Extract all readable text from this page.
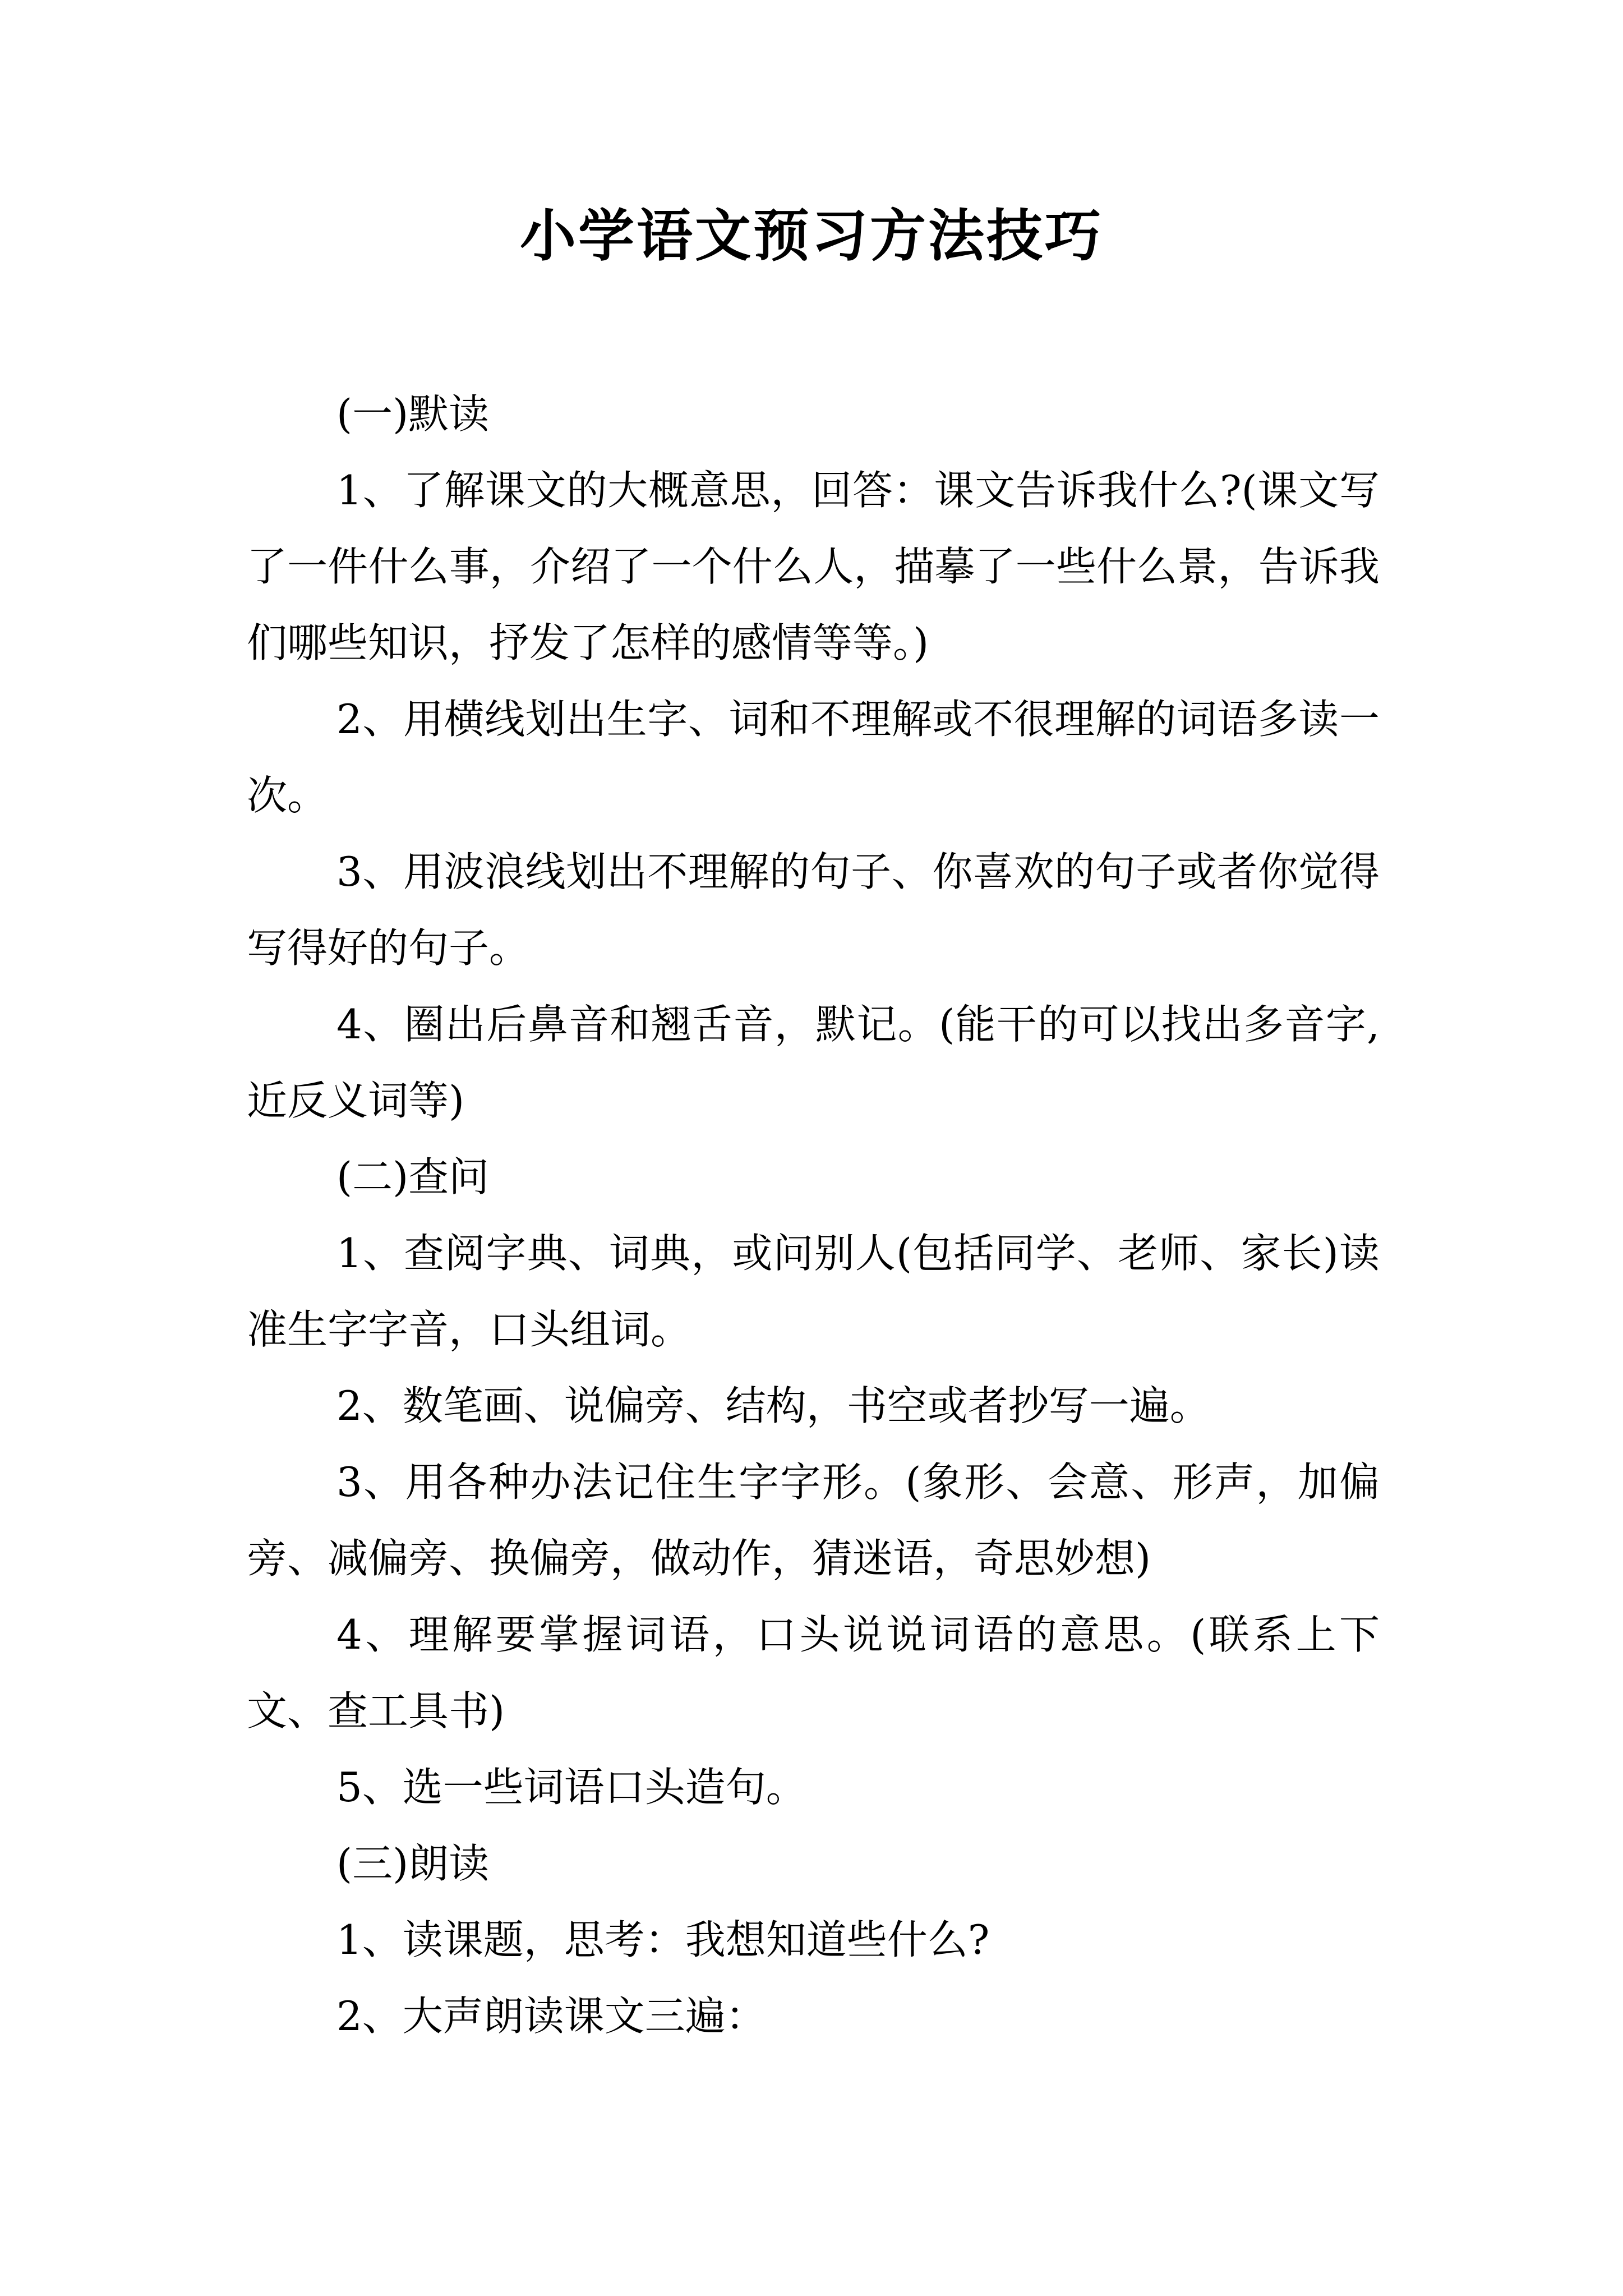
小学语文预习方法技巧

(一)默读

1、了解课文的大概意思，回答：课文告诉我什么?(课文写了一件什么事，介绍了一个什么人，描摹了一些什么景，告诉我们哪些知识，抒发了怎样的感情等等。)

2、用横线划出生字、词和不理解或不很理解的词语多读一次。

3、用波浪线划出不理解的句子、你喜欢的句子或者你觉得写得好的句子。

4、圈出后鼻音和翘舌音，默记。(能干的可以找出多音字,近反义词等)

(二)查问

1、查阅字典、词典，或问别人(包括同学、老师、家长)读准生字字音，口头组词。

2、数笔画、说偏旁、结构，书空或者抄写一遍。

3、用各种办法记住生字字形。(象形、会意、形声，加偏旁、减偏旁、换偏旁，做动作，猜迷语，奇思妙想)

4、理解要掌握词语，口头说说词语的意思。(联系上下文、查工具书)

5、选一些词语口头造句。

(三)朗读

1、读课题，思考：我想知道些什么?

2、大声朗读课文三遍：
